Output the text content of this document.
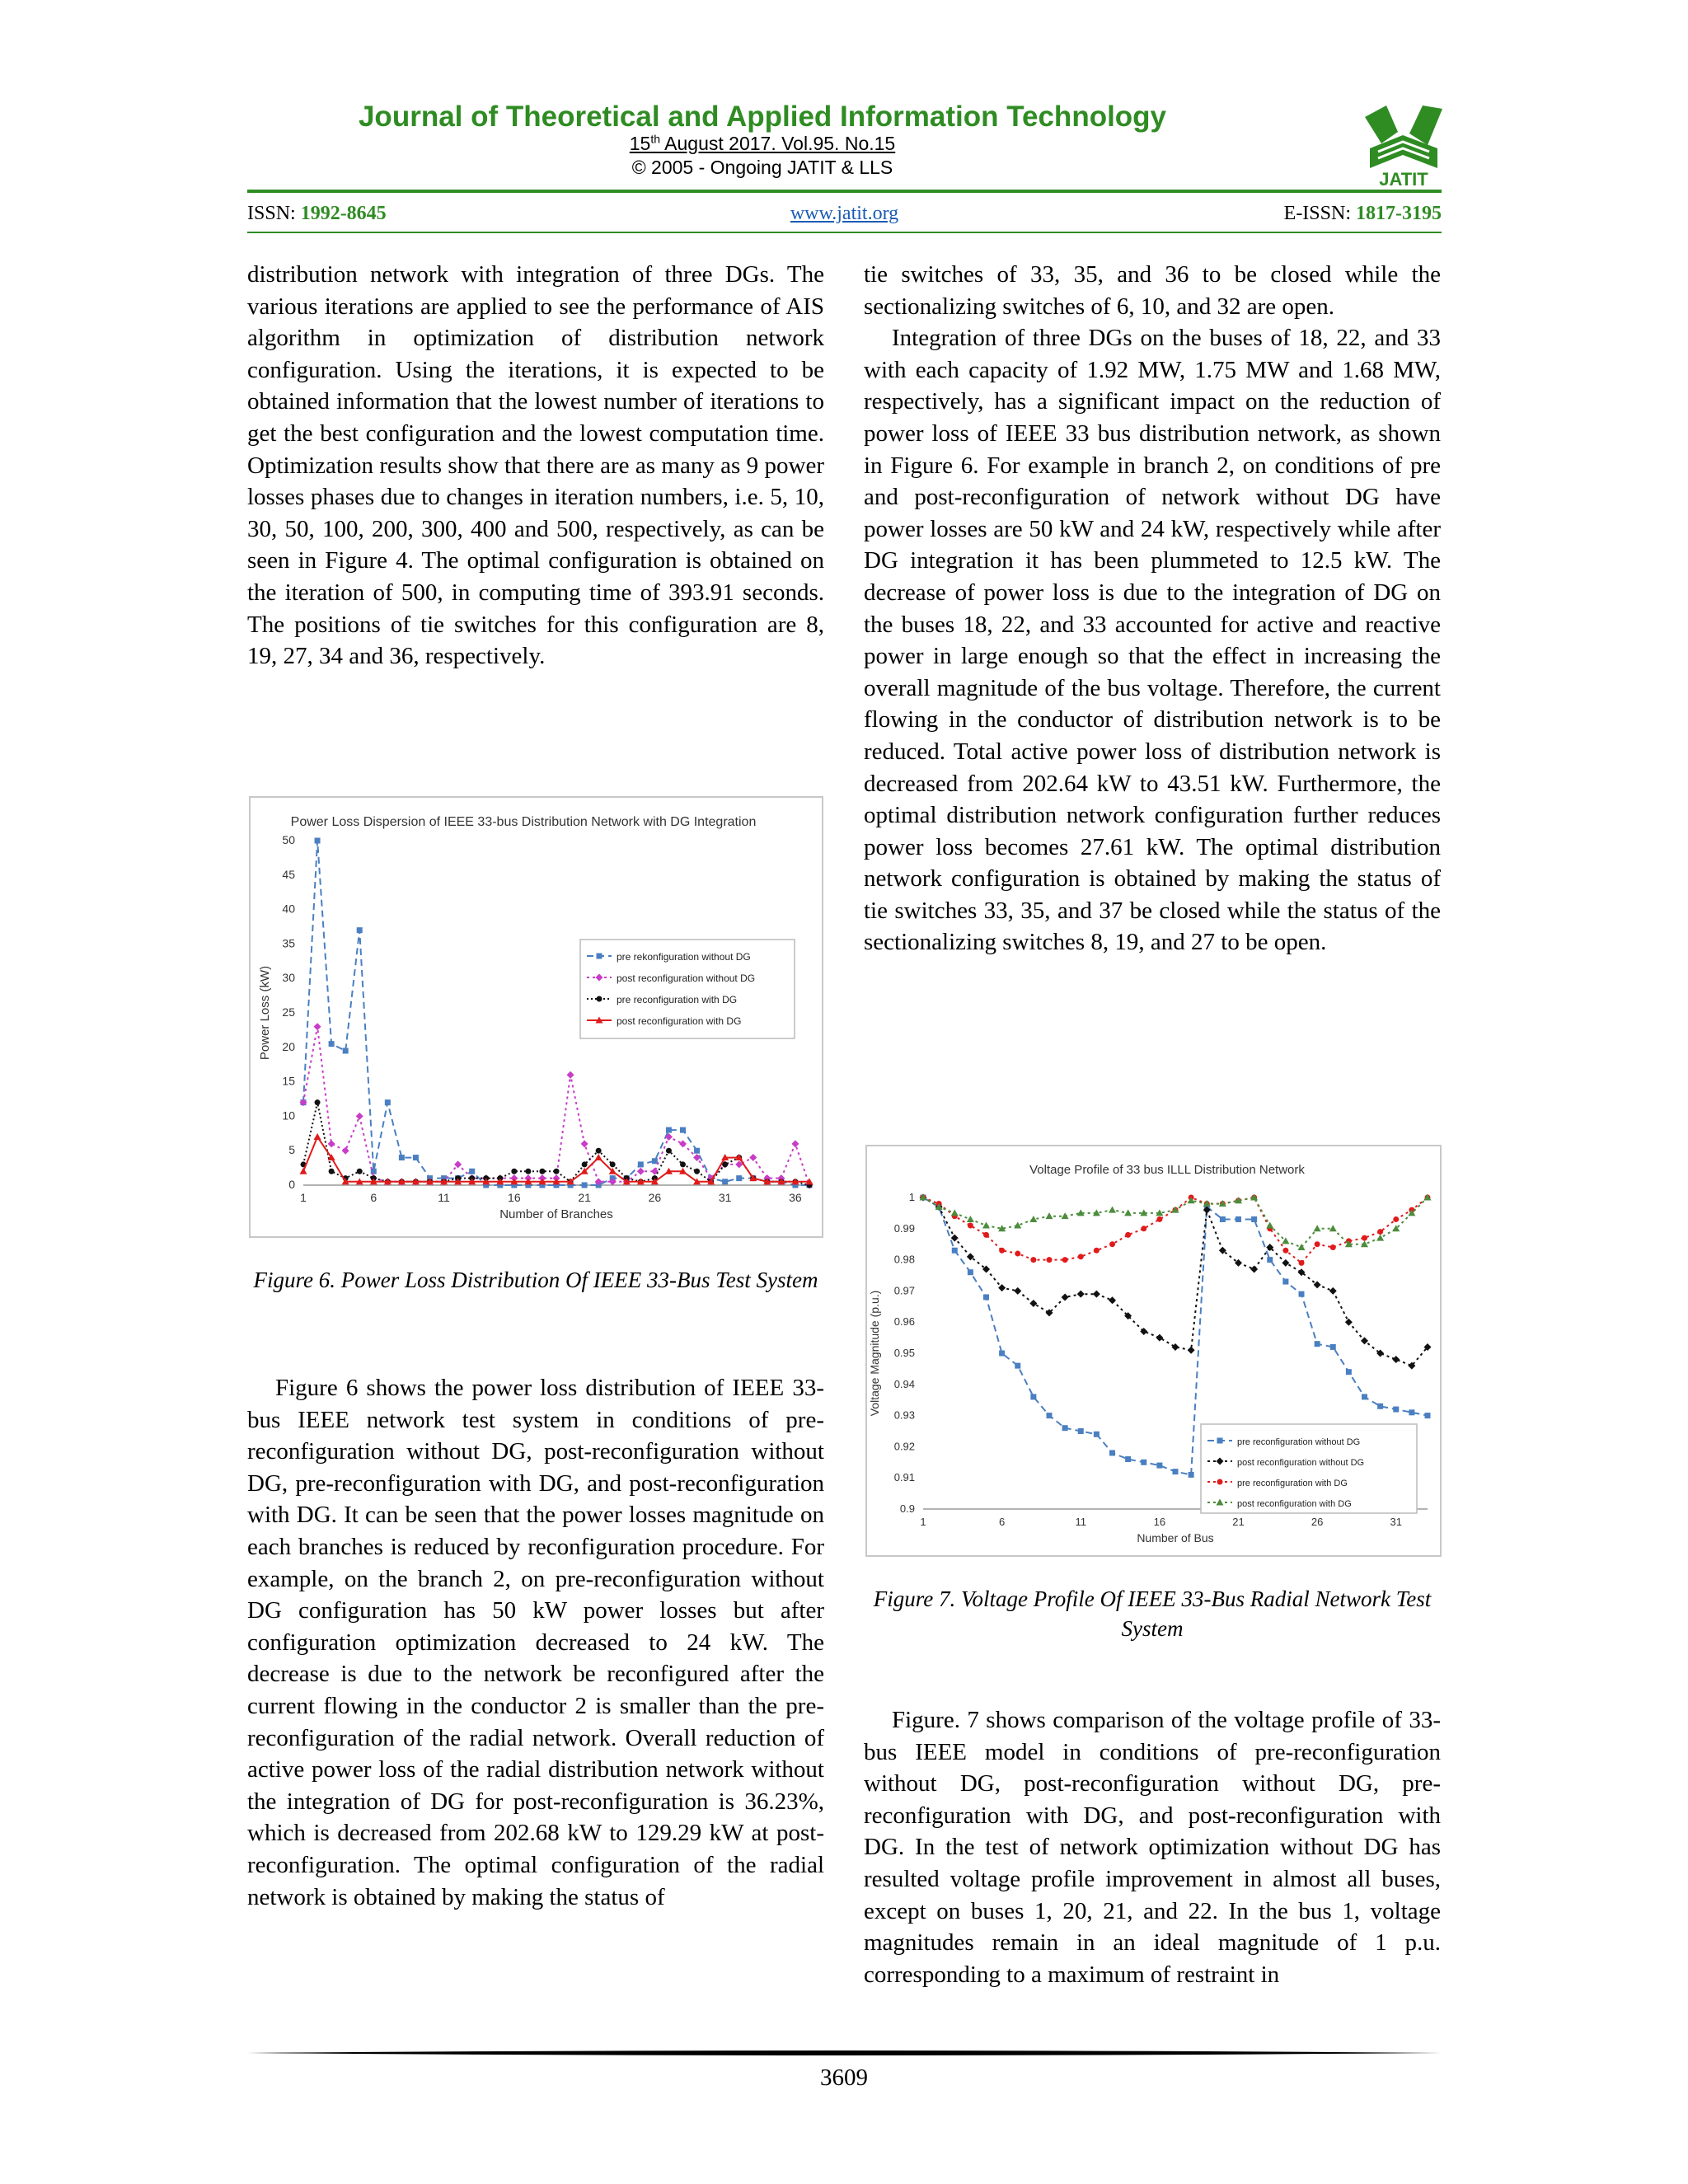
Journal of Theoretical and Applied Information Technology
15th August 2017. Vol.95. No.15
© 2005 - Ongoing JATIT & LLS
JATIT
ISSN: 1992-8645	www.jatit.org	E-ISSN: 1817-3195

distribution network with integration of three DGs. The various iterations are applied to see the performance of AIS algorithm in optimization of distribution network configuration. Using the iterations, it is expected to be obtained information that the lowest number of iterations to get the best configuration and the lowest computation time. Optimization results show that there are as many as 9 power losses phases due to changes in iteration numbers, i.e. 5, 10, 30, 50, 100, 200, 300, 400 and 500, respectively, as can be seen in Figure 4. The optimal configuration is obtained on the iteration of 500, in computing time of 393.91 seconds. The positions of tie switches for this configuration are 8, 19, 27, 34 and 36, respectively.

Power Loss Dispersion of IEEE 33-bus Distribution Network with DG Integration
0
5
10
15
20
25
30
35
40
45
50
1	6	11	16	21	26	31	36
Number of Branches
Power Loss (kW)
pre rekonfiguration without DG
post reconfiguration without DG
pre reconfiguration with DG
post reconfiguration with DG
Figure 6. Power Loss Distribution Of IEEE 33-Bus Test System

Figure 6 shows the power loss distribution of IEEE 33-bus IEEE network test system in conditions of pre-reconfiguration without DG, post-reconfiguration without DG, pre-reconfiguration with DG, and post-reconfiguration with DG. It can be seen that the power losses magnitude on each branches is reduced by reconfiguration procedure. For example, on the branch 2, on pre-reconfiguration without DG configuration has 50 kW power losses but after configuration optimization decreased to 24 kW. The decrease is due to the network be reconfigured after the current flowing in the conductor 2 is smaller than the pre-reconfiguration of the radial network. Overall reduction of active power loss of the radial distribution network without the integration of DG for post-reconfiguration is 36.23%, which is decreased from 202.68 kW to 129.29 kW at post-reconfiguration. The optimal configuration of the radial network is obtained by making the status of

tie switches of 33, 35, and 36 to be closed while the sectionalizing switches of 6, 10, and 32 are open.

Integration of three DGs on the buses of 18, 22, and 33 with each capacity of 1.92 MW, 1.75 MW and 1.68 MW, respectively, has a significant impact on the reduction of power loss of IEEE 33 bus distribution network, as shown in Figure 6. For example in branch 2, on conditions of pre and post-reconfiguration of network without DG have power losses are 50 kW and 24 kW, respectively while after DG integration it has been plummeted to 12.5 kW. The decrease of power loss is due to the integration of DG on the buses 18, 22, and 33 accounted for active and reactive power in large enough so that the effect in increasing the overall magnitude of the bus voltage. Therefore, the current flowing in the conductor of distribution network is to be reduced. Total active power loss of distribution network is decreased from 202.64 kW to 43.51 kW. Furthermore, the optimal distribution network configuration further reduces power loss becomes 27.61 kW. The optimal distribution network configuration is obtained by making the status of tie switches 33, 35, and 37 be closed while the status of the sectionalizing switches 8, 19, and 27 to be open.

Voltage Profile of 33 bus ILLL Distribution Network
0.9
0.91
0.92
0.93
0.94
0.95
0.96
0.97
0.98
0.99
1
1	6	11	16	21	26	31
Number of Bus
Voltage Magnitude (p.u.)
pre reconfiguration without DG
post reconfiguration without DG
pre reconfiguration with DG
post reconfiguration with DG
Figure 7. Voltage Profile Of IEEE 33-Bus Radial Network Test System

Figure. 7 shows comparison of the voltage profile of 33-bus IEEE model in conditions of pre-reconfiguration without DG, post-reconfiguration without DG, pre-reconfiguration with DG, and post-reconfiguration with DG. In the test of network optimization without DG has resulted voltage profile improvement in almost all buses, except on buses 1, 20, 21, and 22. In the bus 1, voltage magnitudes remain in an ideal magnitude of 1 p.u. corresponding to a maximum of restraint in

3609
